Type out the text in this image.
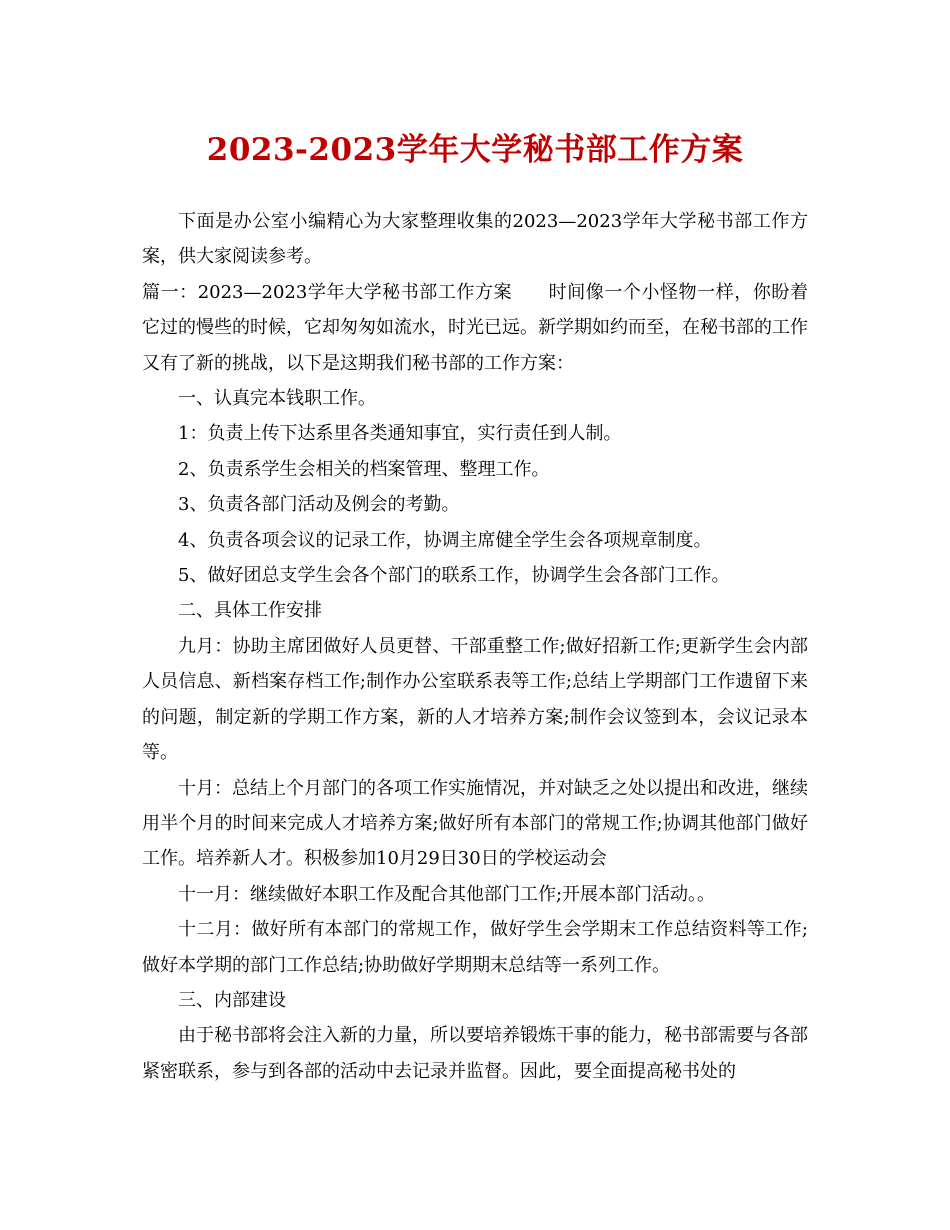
2023-2023学年大学秘书部工作方案

下面是办公室小编精心为大家整理收集的2023—2023学年大学秘书部工作方案，供大家阅读参考。

篇一：2023—2023学年大学秘书部工作方案 时间像一个小怪物一样，你盼着它过的慢些的时候，它却匆匆如流水，时光已远。新学期如约而至，在秘书部的工作又有了新的挑战，以下是这期我们秘书部的工作方案：

一、认真完本钱职工作。

1：负责上传下达系里各类通知事宜，实行责任到人制。

2、负责系学生会相关的档案管理、整理工作。

3、负责各部门活动及例会的考勤。

4、负责各项会议的记录工作，协调主席健全学生会各项规章制度。

5、做好团总支学生会各个部门的联系工作，协调学生会各部门工作。

二、具体工作安排

九月：协助主席团做好人员更替、干部重整工作;做好招新工作;更新学生会内部人员信息、新档案存档工作;制作办公室联系表等工作;总结上学期部门工作遗留下来的问题，制定新的学期工作方案，新的人才培养方案;制作会议签到本，会议记录本等。

十月：总结上个月部门的各项工作实施情况，并对缺乏之处以提出和改进，继续用半个月的时间来完成人才培养方案;做好所有本部门的常规工作;协调其他部门做好工作。培养新人才。积极参加10月29日30日的学校运动会

十一月：继续做好本职工作及配合其他部门工作;开展本部门活动。。

十二月：做好所有本部门的常规工作，做好学生会学期末工作总结资料等工作;做好本学期的部门工作总结;协助做好学期期末总结等一系列工作。

三、内部建设

由于秘书部将会注入新的力量，所以要培养锻炼干事的能力，秘书部需要与各部紧密联系，参与到各部的活动中去记录并监督。因此，要全面提高秘书处的
